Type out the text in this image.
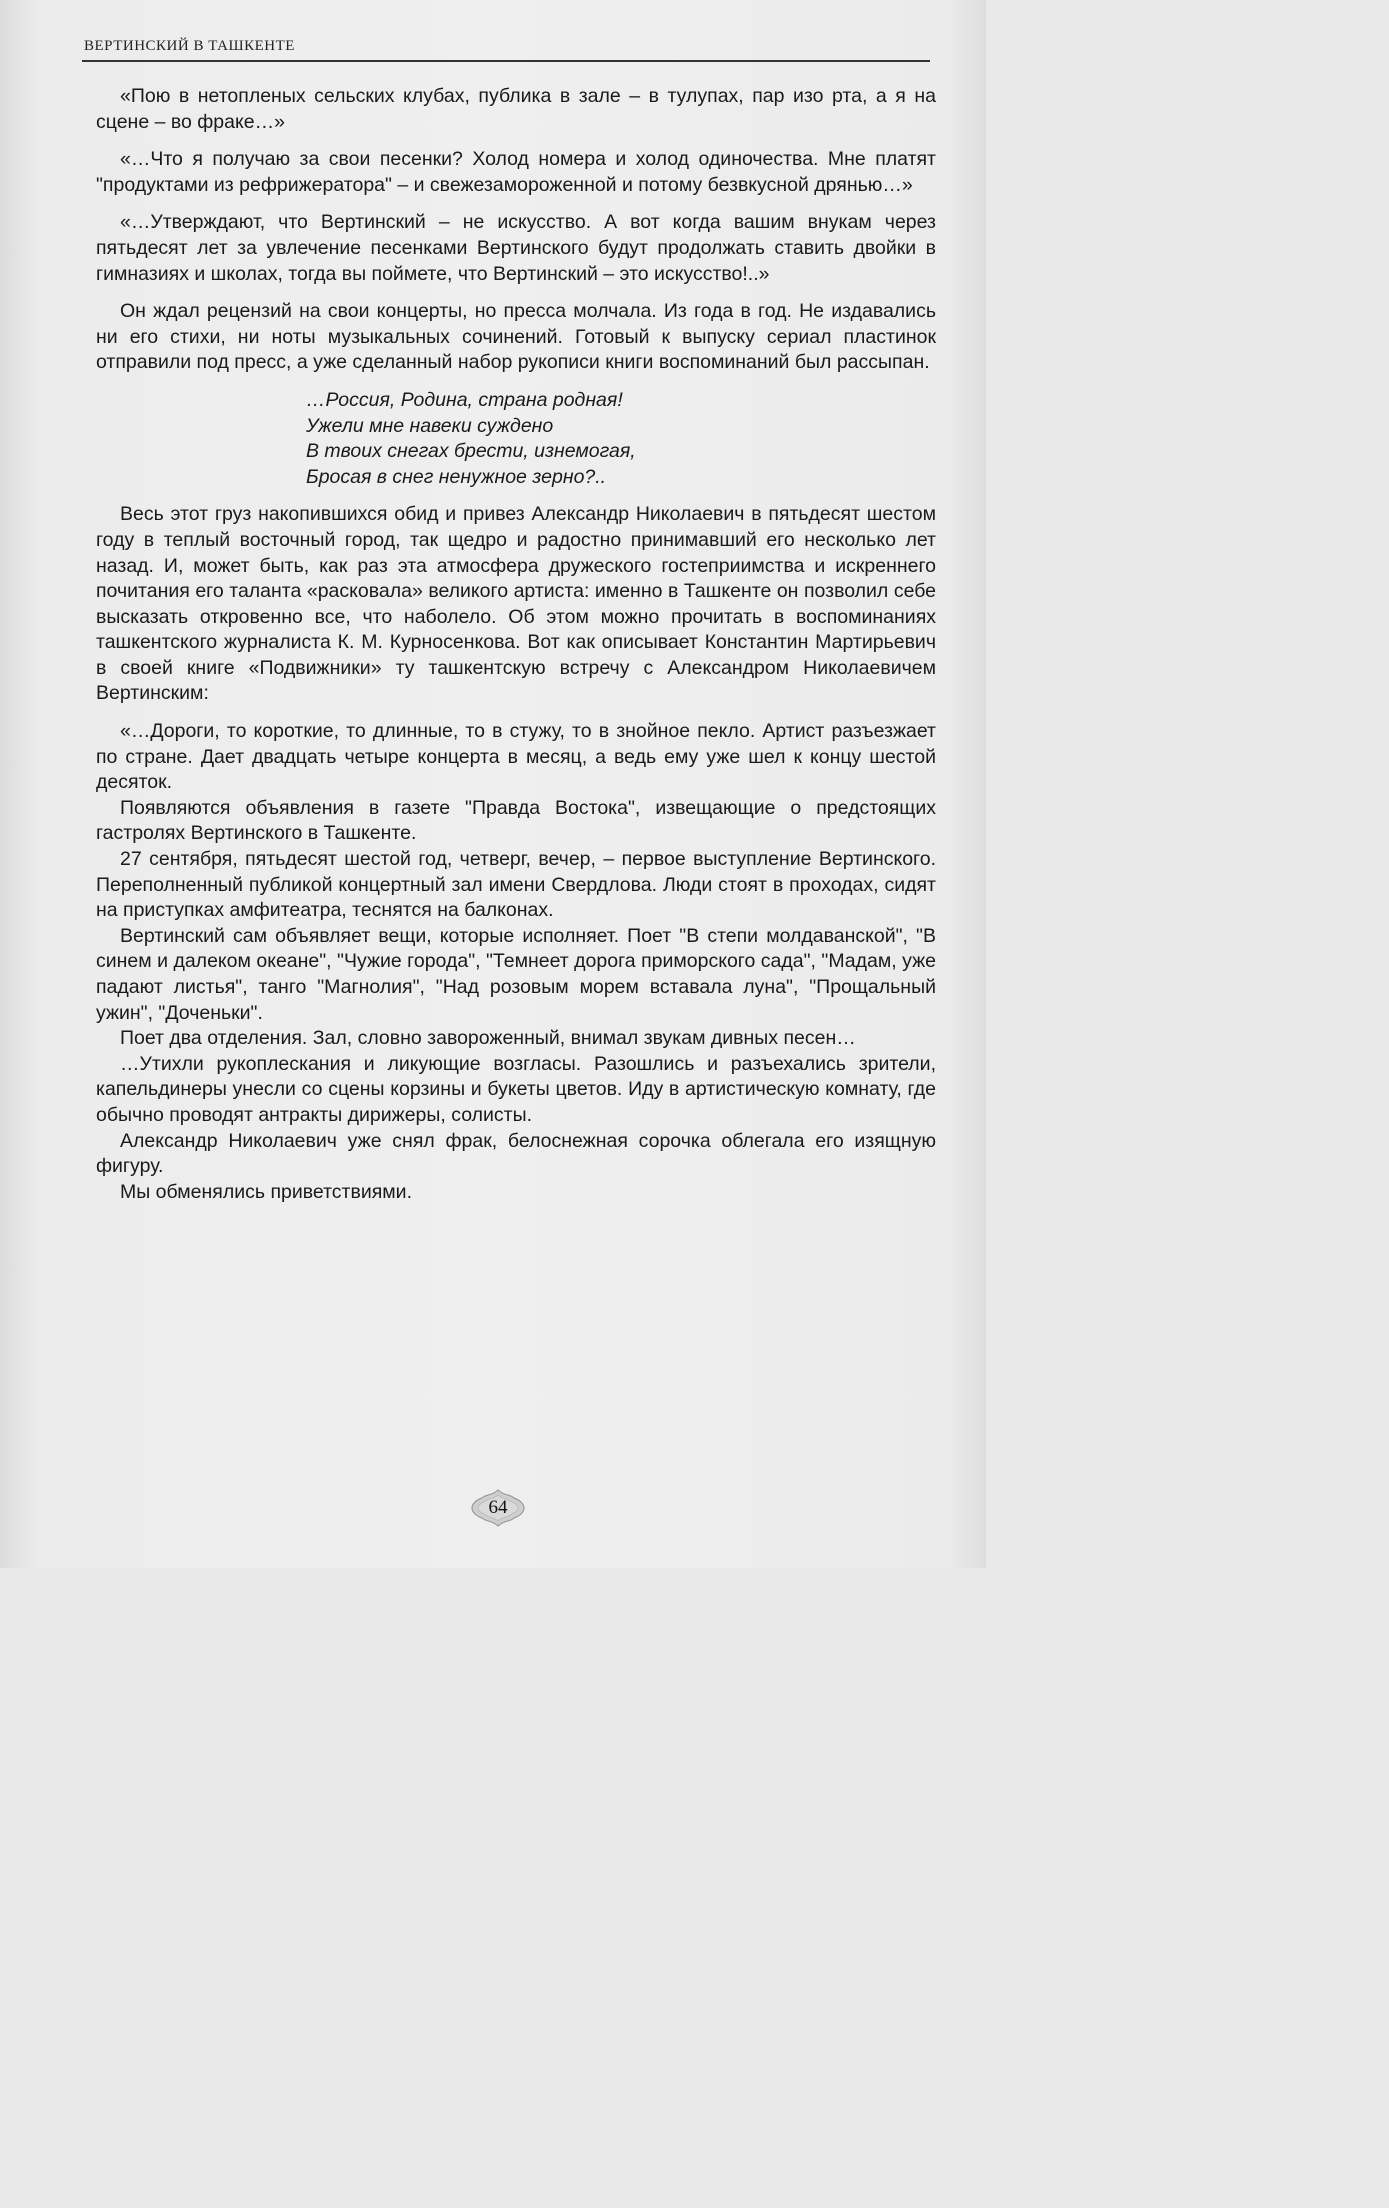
ВЕРТИНСКИЙ В ТАШКЕНТЕ

«Пою в нетопленых сельских клубах, публика в зале – в тулупах, пар изо рта, а я на сцене – во фраке…»

«…Что я получаю за свои песенки? Холод номера и холод одиночества. Мне платят "продуктами из рефрижератора" – и свежезамороженной и потому безвкусной дрянью…»

«…Утверждают, что Вертинский – не искусство. А вот когда вашим внукам через пятьдесят лет за увлечение песенками Вертинского будут продолжать ставить двойки в гимназиях и школах, тогда вы поймете, что Вертинский – это искусство!..»

Он ждал рецензий на свои концерты, но пресса молчала. Из года в год. Не издавались ни его стихи, ни ноты музыкальных сочинений. Готовый к выпуску сериал пластинок отправили под пресс, а уже сделанный набор рукописи книги воспоминаний был рассыпан.

…Россия, Родина, страна родная!
Ужели мне навеки суждено
В твоих снегах брести, изнемогая,
Бросая в снег ненужное зерно?..

Весь этот груз накопившихся обид и привез Александр Николаевич в пятьдесят шестом году в теплый восточный город, так щедро и радостно принимавший его несколько лет назад. И, может быть, как раз эта атмосфера дружеского гостеприимства и искреннего почитания его таланта «расковала» великого артиста: именно в Ташкенте он позволил себе высказать откровенно все, что наболело. Об этом можно прочитать в воспоминаниях ташкентского журналиста К. М. Курносенкова. Вот как описывает Константин Мартирьевич в своей книге «Подвижники» ту ташкентскую встречу с Александром Николаевичем Вертинским:

«…Дороги, то короткие, то длинные, то в стужу, то в знойное пекло. Артист разъезжает по стране. Дает двадцать четыре концерта в месяц, а ведь ему уже шел к концу шестой десяток.

Появляются объявления в газете "Правда Востока", извещающие о предстоящих гастролях Вертинского в Ташкенте.

27 сентября, пятьдесят шестой год, четверг, вечер, – первое выступление Вертинского. Переполненный публикой концертный зал имени Свердлова. Люди стоят в проходах, сидят на приступках амфитеатра, теснятся на балконах.

Вертинский сам объявляет вещи, которые исполняет. Поет "В степи молдаванской", "В синем и далеком океане", "Чужие города", "Темнеет дорога приморского сада", "Мадам, уже падают листья", танго "Магнолия", "Над розовым морем вставала луна", "Прощальный ужин", "Доченьки".

Поет два отделения. Зал, словно завороженный, внимал звукам дивных песен…

…Утихли рукоплескания и ликующие возгласы. Разошлись и разъехались зрители, капельдинеры унесли со сцены корзины и букеты цветов. Иду в артистическую комнату, где обычно проводят антракты дирижеры, солисты.

Александр Николаевич уже снял фрак, белоснежная сорочка облегала его изящную фигуру.

Мы обменялись приветствиями.

64
